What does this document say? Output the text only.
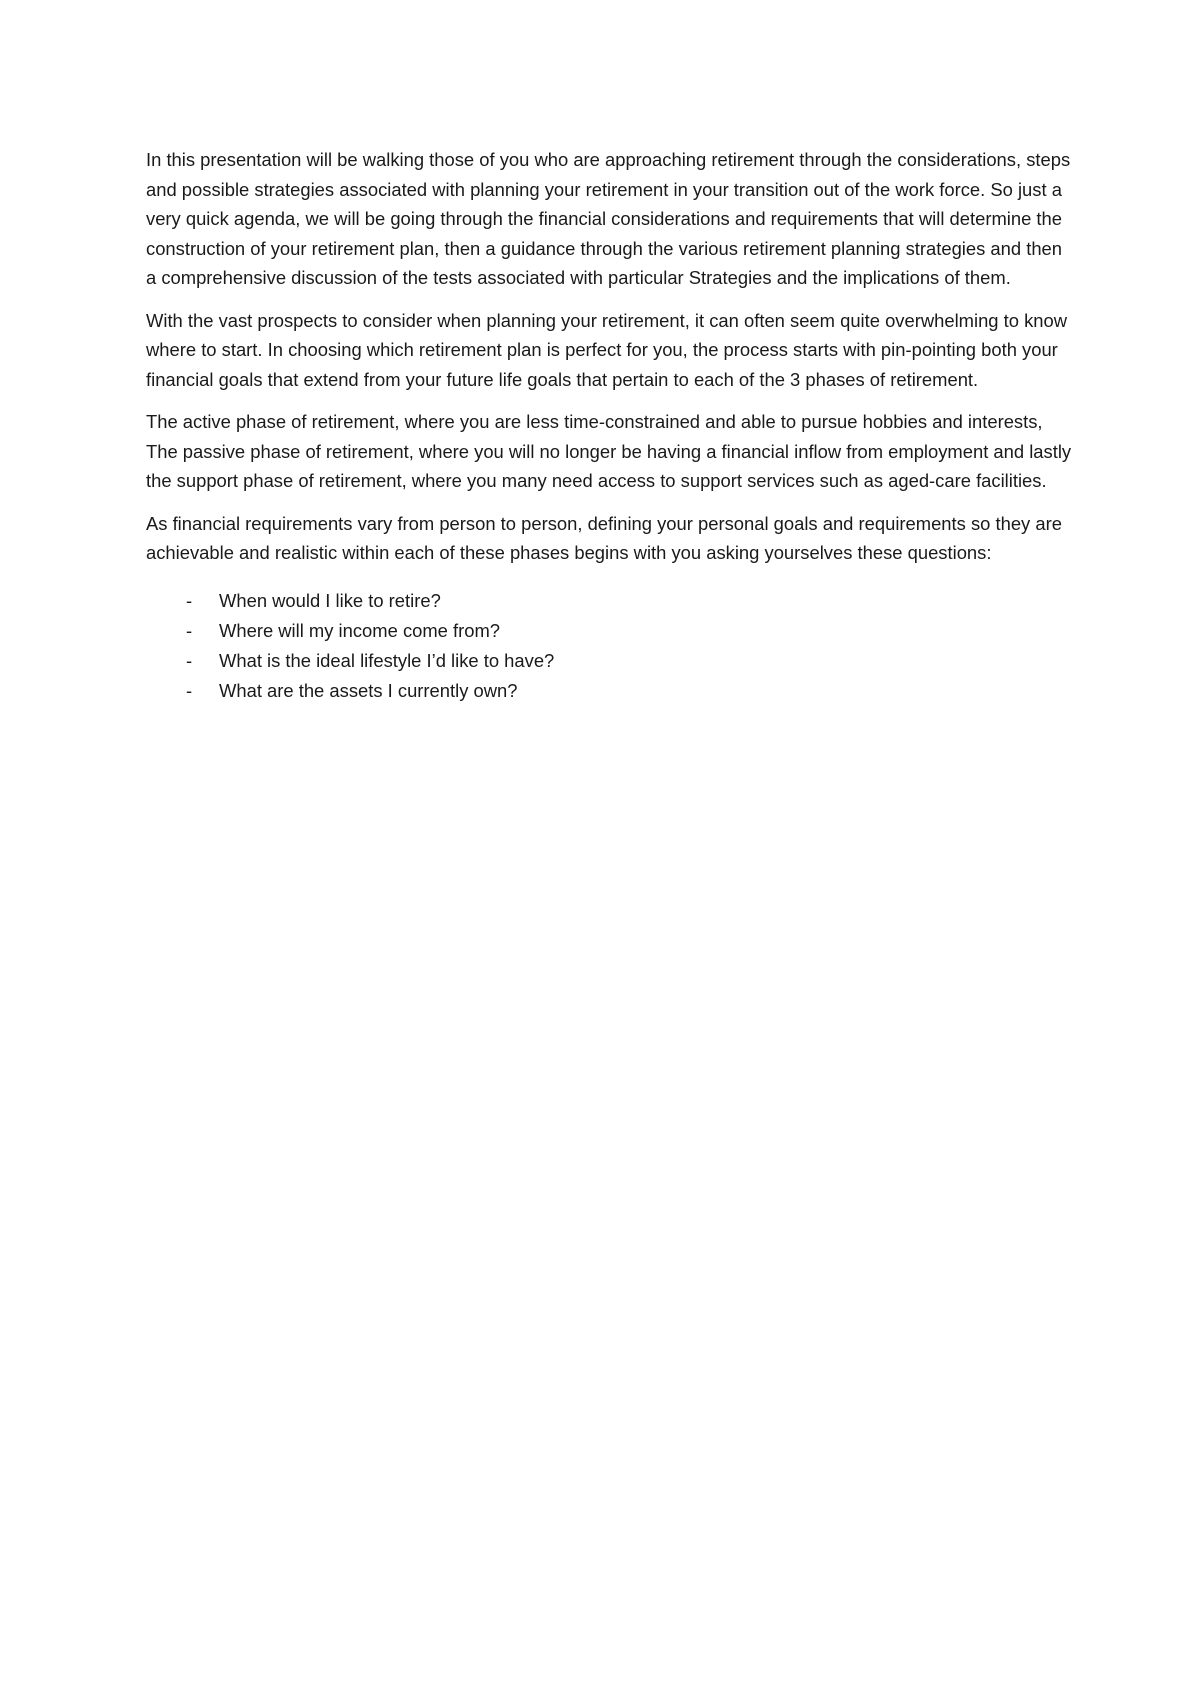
In this presentation will be walking those of you who are approaching retirement through the considerations, steps and possible strategies associated with planning your retirement in your transition out of the work force. So just a very quick agenda, we will be going through the financial considerations and requirements that will determine the construction of your retirement plan, then a guidance through the various retirement planning strategies and then a comprehensive discussion of the tests associated with particular Strategies and the implications of them.

With the vast prospects to consider when planning your retirement, it can often seem quite overwhelming to know where to start. In choosing which retirement plan is perfect for you, the process starts with pin-pointing both your financial goals that extend from your future life goals that pertain to each of the 3 phases of retirement.

The active phase of retirement, where you are less time-constrained and able to pursue hobbies and interests, The passive phase of retirement, where you will no longer be having a financial inflow from employment and lastly the support phase of retirement, where you many need access to support services such as aged-care facilities.

As financial requirements vary from person to person, defining your personal goals and requirements so they are achievable and realistic within each of these phases begins with you asking yourselves these questions:

- When would I like to retire?
- Where will my income come from?
- What is the ideal lifestyle I’d like to have?
- What are the assets I currently own?
